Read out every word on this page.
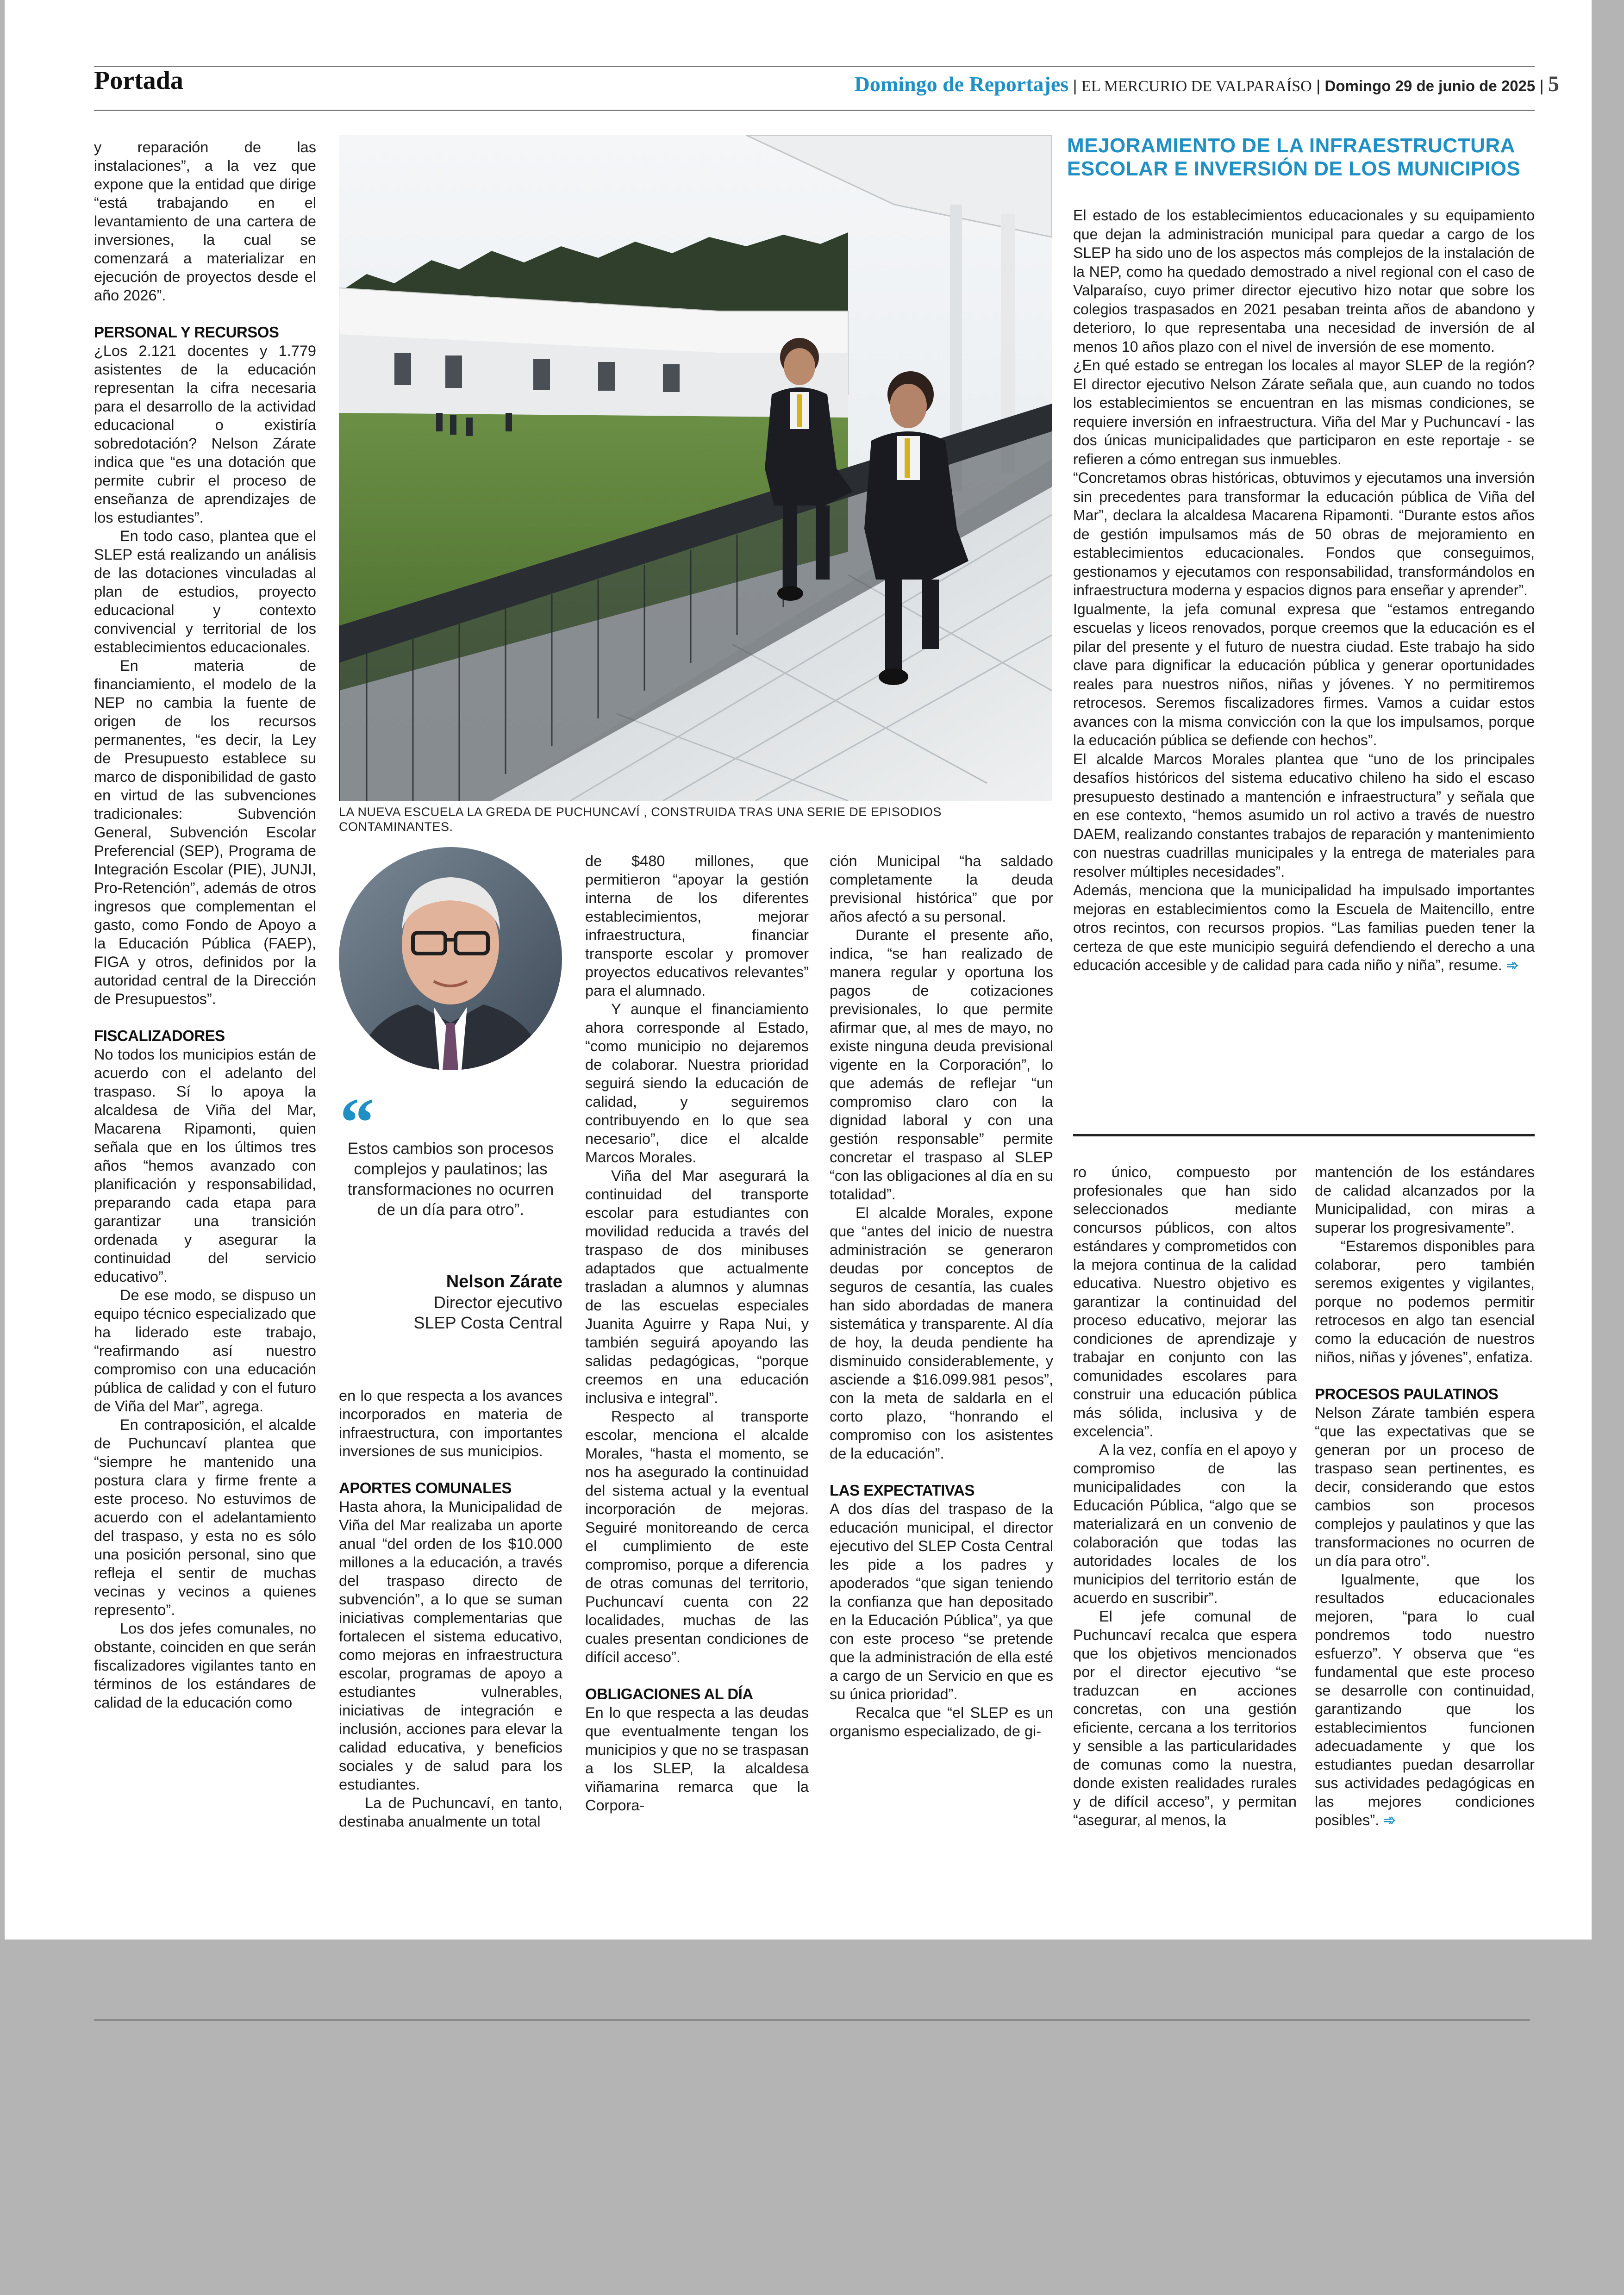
Portada	Domingo de Reportajes | EL MERCURIO DE VALPARAÍSO | Domingo 29 de junio de 2025 | 5

y reparación de las instalaciones”, a la vez que expone que la entidad que dirige “está trabajando en el levantamiento de una cartera de inversiones, la cual se comenzará a materializar en ejecución de proyectos desde el año 2026”.

PERSONAL Y RECURSOS

¿Los 2.121 docentes y 1.779 asistentes de la educación representan la cifra necesaria para el desarrollo de la actividad educacional o existiría sobredotación? Nelson Zárate indica que “es una dotación que permite cubrir el proceso de enseñanza de aprendizajes de los estudiantes”.

En todo caso, plantea que el SLEP está realizando un análisis de las dotaciones vinculadas al plan de estudios, proyecto educacional y contexto convivencial y territorial de los establecimientos educacionales.

En materia de financiamiento, el modelo de la NEP no cambia la fuente de origen de los recursos permanentes, “es decir, la Ley de Presupuesto establece su marco de disponibilidad de gasto en virtud de las subvenciones tradicionales: Subvención General, Subvención Escolar Preferencial (SEP), Programa de Integración Escolar (PIE), JUNJI, Pro-Retención”, además de otros ingresos que complementan el gasto, como Fondo de Apoyo a la Educación Pública (FAEP), FIGA y otros, definidos por la autoridad central de la Dirección de Presupuestos”.

FISCALIZADORES

No todos los municipios están de acuerdo con el adelanto del traspaso. Sí lo apoya la alcaldesa de Viña del Mar, Macarena Ripamonti, quien señala que en los últimos tres años “hemos avanzado con planificación y responsabilidad, preparando cada etapa para garantizar una transición ordenada y asegurar la continuidad del servicio educativo”.

De ese modo, se dispuso un equipo técnico especializado que ha liderado este trabajo, “reafirmando así nuestro compromiso con una educación pública de calidad y con el futuro de Viña del Mar”, agrega.

En contraposición, el alcalde de Puchuncaví plantea que “siempre he mantenido una postura clara y firme frente a este proceso. No estuvimos de acuerdo con el adelantamiento del traspaso, y esta no es sólo una posición personal, sino que refleja el sentir de muchas vecinas y vecinos a quienes represento”.

Los dos jefes comunales, no obstante, coinciden en que serán fiscalizadores vigilantes tanto en términos de los estándares de calidad de la educación como

LA NUEVA ESCUELA LA GREDA DE PUCHUNCAVÍ , CONSTRUIDA TRAS UNA SERIE DE EPISODIOS CONTAMINANTES.
“
Estos cambios son procesos complejos y paulatinos; las transformaciones no ocurren de un día para otro”.
Nelson Zárate
Director ejecutivo
SLEP Costa Central

en lo que respecta a los avances incorporados en materia de infraestructura, con importantes inversiones de sus municipios.

APORTES COMUNALES

Hasta ahora, la Municipalidad de Viña del Mar realizaba un aporte anual “del orden de los $10.000 millones a la educación, a través del traspaso directo de subvención”, a lo que se suman iniciativas complementarias que fortalecen el sistema educativo, como mejoras en infraestructura escolar, programas de apoyo a estudiantes vulnerables, iniciativas de integración e inclusión, acciones para elevar la calidad educativa, y beneficios sociales y de salud para los estudiantes.

La de Puchuncaví, en tanto, destinaba anualmente un total

de $480 millones, que permitieron “apoyar la gestión interna de los diferentes establecimientos, mejorar infraestructura, financiar transporte escolar y promover proyectos educativos relevantes” para el alumnado.

Y aunque el financiamiento ahora corresponde al Estado, “como municipio no dejaremos de colaborar. Nuestra prioridad seguirá siendo la educación de calidad, y seguiremos contribuyendo en lo que sea necesario”, dice el alcalde Marcos Morales.

Viña del Mar asegurará la continuidad del transporte escolar para estudiantes con movilidad reducida a través del traspaso de dos minibuses adaptados que actualmente trasladan a alumnos y alumnas de las escuelas especiales Juanita Aguirre y Rapa Nui, y también seguirá apoyando las salidas pedagógicas, “porque creemos en una educación inclusiva e integral”.

Respecto al transporte escolar, menciona el alcalde Morales, “hasta el momento, se nos ha asegurado la continuidad del sistema actual y la eventual incorporación de mejoras. Seguiré monitoreando de cerca el cumplimiento de este compromiso, porque a diferencia de otras comunas del territorio, Puchuncaví cuenta con 22 localidades, muchas de las cuales presentan condiciones de difícil acceso”.

OBLIGACIONES AL DÍA

En lo que respecta a las deudas que eventualmente tengan los municipios y que no se traspasan a los SLEP, la alcaldesa viñamarina remarca que la Corpora-

ción Municipal “ha saldado completamente la deuda previsional histórica” que por años afectó a su personal.

Durante el presente año, indica, “se han realizado de manera regular y oportuna los pagos de cotizaciones previsionales, lo que permite afirmar que, al mes de mayo, no existe ninguna deuda previsional vigente en la Corporación”, lo que además de reflejar “un compromiso claro con la dignidad laboral y con una gestión responsable” permite concretar el traspaso al SLEP “con las obligaciones al día en su totalidad”.

El alcalde Morales, expone que “antes del inicio de nuestra administración se generaron deudas por conceptos de seguros de cesantía, las cuales han sido abordadas de manera sistemática y transparente. Al día de hoy, la deuda pendiente ha disminuido considerablemente, y asciende a $16.099.981 pesos”, con la meta de saldarla en el corto plazo, “honrando el compromiso con los asistentes de la educación”.

LAS EXPECTATIVAS

A dos días del traspaso de la educación municipal, el director ejecutivo del SLEP Costa Central les pide a los padres y apoderados “que sigan teniendo la confianza que han depositado en la Educación Pública”, ya que con este proceso “se pretende que la administración de ella esté a cargo de un Servicio en que es su única prioridad”.

Recalca que “el SLEP es un organismo especializado, de gi-

MEJORAMIENTO DE LA INFRAESTRUCTURA ESCOLAR E INVERSIÓN DE LOS MUNICIPIOS

El estado de los establecimientos educacionales y su equipamiento que dejan la administración municipal para quedar a cargo de los SLEP ha sido uno de los aspectos más complejos de la instalación de la NEP, como ha quedado demostrado a nivel regional con el caso de Valparaíso, cuyo primer director ejecutivo hizo notar que sobre los colegios traspasados en 2021 pesaban treinta años de abandono y deterioro, lo que representaba una necesidad de inversión de al menos 10 años plazo con el nivel de inversión de ese momento.

¿En qué estado se entregan los locales al mayor SLEP de la región? El director ejecutivo Nelson Zárate señala que, aun cuando no todos los establecimientos se encuentran en las mismas condiciones, se requiere inversión en infraestructura. Viña del Mar y Puchuncaví - las dos únicas municipalidades que participaron en este reportaje - se refieren a cómo entregan sus inmuebles.

“Concretamos obras históricas, obtuvimos y ejecutamos una inversión sin precedentes para transformar la educación pública de Viña del Mar”, declara la alcaldesa Macarena Ripamonti. “Durante estos años de gestión impulsamos más de 50 obras de mejoramiento en establecimientos educacionales. Fondos que conseguimos, gestionamos y ejecutamos con responsabilidad, transformándolos en infraestructura moderna y espacios dignos para enseñar y aprender”.

Igualmente, la jefa comunal expresa que “estamos entregando escuelas y liceos renovados, porque creemos que la educación es el pilar del presente y el futuro de nuestra ciudad. Este trabajo ha sido clave para dignificar la educación pública y generar oportunidades reales para nuestros niños, niñas y jóvenes. Y no permitiremos retrocesos. Seremos fiscalizadores firmes. Vamos a cuidar estos avances con la misma convicción con la que los impulsamos, porque la educación pública se defiende con hechos”.

El alcalde Marcos Morales plantea que “uno de los principales desafíos históricos del sistema educativo chileno ha sido el escaso presupuesto destinado a mantención e infraestructura” y señala que en ese contexto, “hemos asumido un rol activo a través de nuestro DAEM, realizando constantes trabajos de reparación y mantenimiento con nuestras cuadrillas municipales y la entrega de materiales para resolver múltiples necesidades”.

Además, menciona que la municipalidad ha impulsado importantes mejoras en establecimientos como la Escuela de Maitencillo, entre otros recintos, con recursos propios. “Las familias pueden tener la certeza de que este municipio seguirá defendiendo el derecho a una educación accesible y de calidad para cada niño y niña”, resume. ➾

ro único, compuesto por profesionales que han sido seleccionados mediante concursos públicos, con altos estándares y comprometidos con la mejora continua de la calidad educativa. Nuestro objetivo es garantizar la continuidad del proceso educativo, mejorar las condiciones de aprendizaje y trabajar en conjunto con las comunidades escolares para construir una educación pública más sólida, inclusiva y de excelencia”.

A la vez, confía en el apoyo y compromiso de las municipalidades con la Educación Pública, “algo que se materializará en un convenio de colaboración que todas las autoridades locales de los municipios del territorio están de acuerdo en suscribir”.

El jefe comunal de Puchuncaví recalca que espera que los objetivos mencionados por el director ejecutivo “se traduzcan en acciones concretas, con una gestión eficiente, cercana a los territorios y sensible a las particularidades de comunas como la nuestra, donde existen realidades rurales y de difícil acceso”, y permitan “asegurar, al menos, la

mantención de los estándares de calidad alcanzados por la Municipalidad, con miras a superar los progresivamente”.

“Estaremos disponibles para colaborar, pero también seremos exigentes y vigilantes, porque no podemos permitir retrocesos en algo tan esencial como la educación de nuestros niños, niñas y jóvenes”, enfatiza.

PROCESOS PAULATINOS

Nelson Zárate también espera “que las expectativas que se generan por un proceso de traspaso sean pertinentes, es decir, considerando que estos cambios son procesos complejos y paulatinos y que las transformaciones no ocurren de un día para otro”.

Igualmente, que los resultados educacionales mejoren, “para lo cual pondremos todo nuestro esfuerzo”. Y observa que “es fundamental que este proceso se desarrolle con continuidad, garantizando que los establecimientos funcionen adecuadamente y que los estudiantes puedan desarrollar sus actividades pedagógicas en las mejores condiciones posibles”. ➾
